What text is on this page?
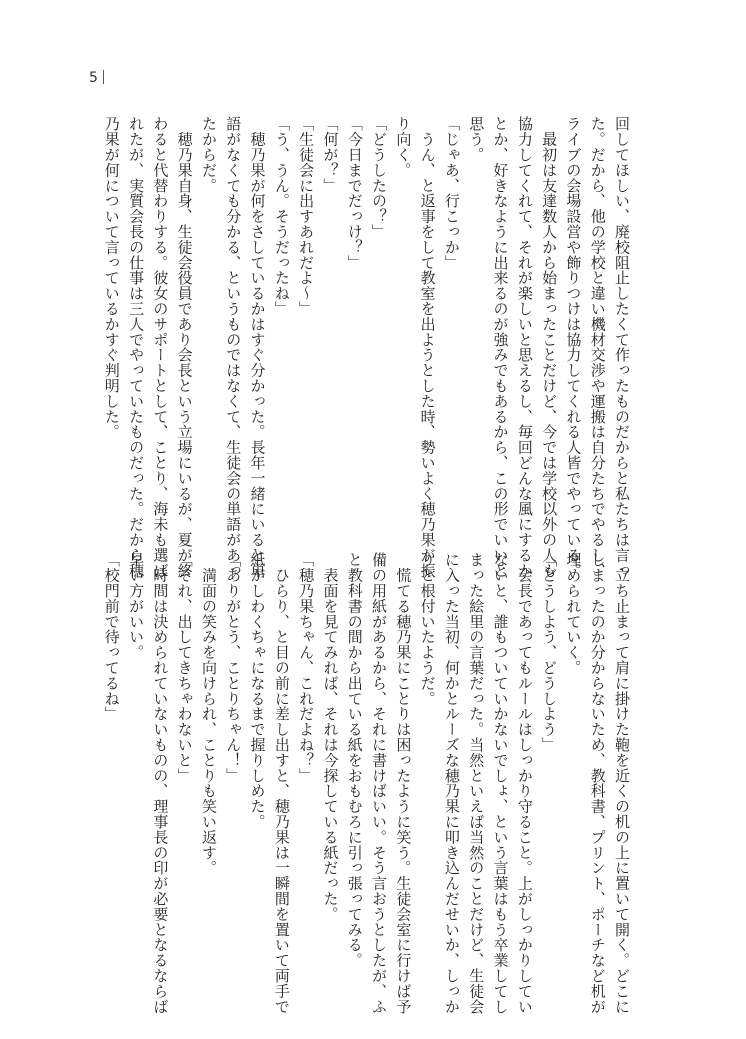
5
回してほしい、廃校阻止したくて作ったものだからと私たちは言っ
た。だから、他の学校と違い機材交渉や運搬は自分たちでやるし、
ライブの会場設営や飾りつけは協力してくれる人皆でやっている。
　最初は友達数人から始まったことだけど、今では学校以外の人も
協力してくれて、それが楽しいと思えるし、毎回どんな風にするか
とか、好きなように出来るのが強みでもあるから、この形でいいと
思う。
「じゃあ、行こっか」
　うん、と返事をして教室を出ようとした時、勢いよく穂乃果が振
り向く。
「どうしたの？」
「今日までだっけ？」
「何が？」
「生徒会に出すあれだよ〜」
「う、うん。そうだったね」
　穂乃果が何をさしているかはすぐ分かった。長年一緒にいると単
語がなくても分かる、というものではなくて、生徒会の単語があっ
たからだ。
　穂乃果自身、生徒会役員であり会長という立場にいるが、夏が終
わると代替わりする。彼女のサポートとして、ことり、海未も選ば
れたが、実質会長の仕事は三人でやっていたものだった。だから穂
乃果が何について言っているかすぐ判明した。
　立ち止まって肩に掛けた鞄を近くの机の上に置いて開く。どこに
しまったのか分からないため、教科書、プリント、ポーチなど机が
埋められていく。
「どうしよう、どうしよう」
　会長であってもルールはしっかり守ること。上がしっかりしてい
ないと、誰もついていかないでしょ、という言葉はもう卒業してし
まった絵里の言葉だった。当然といえば当然のことだけど、生徒会
に入った当初、何かとルーズな穂乃果に叩き込んだせいか、しっか
りと根付いたようだ。
　慌てる穂乃果にことりは困ったように笑う。生徒会室に行けば予
備の用紙があるから、それに書けばいい。そう言おうとしたが、ふ
と教科書の間から出ている紙をおもむろに引っ張ってみる。
　表面を見てみれば、それは今探している紙だった。
「穂乃果ちゃん、これだよね？」
　ひらり、と目の前に差し出すと、穂乃果は一瞬間を置いて両手で
紙がしわくちゃになるまで握りしめた。
「ありがとう、ことりちゃん！」
　満面の笑みを向けられ、ことりも笑い返す。
「それ、出してきちゃわないと」
　時間は決められていないものの、理事長の印が必要となるならば
早い方がいい。
「校門前で待ってるね」
